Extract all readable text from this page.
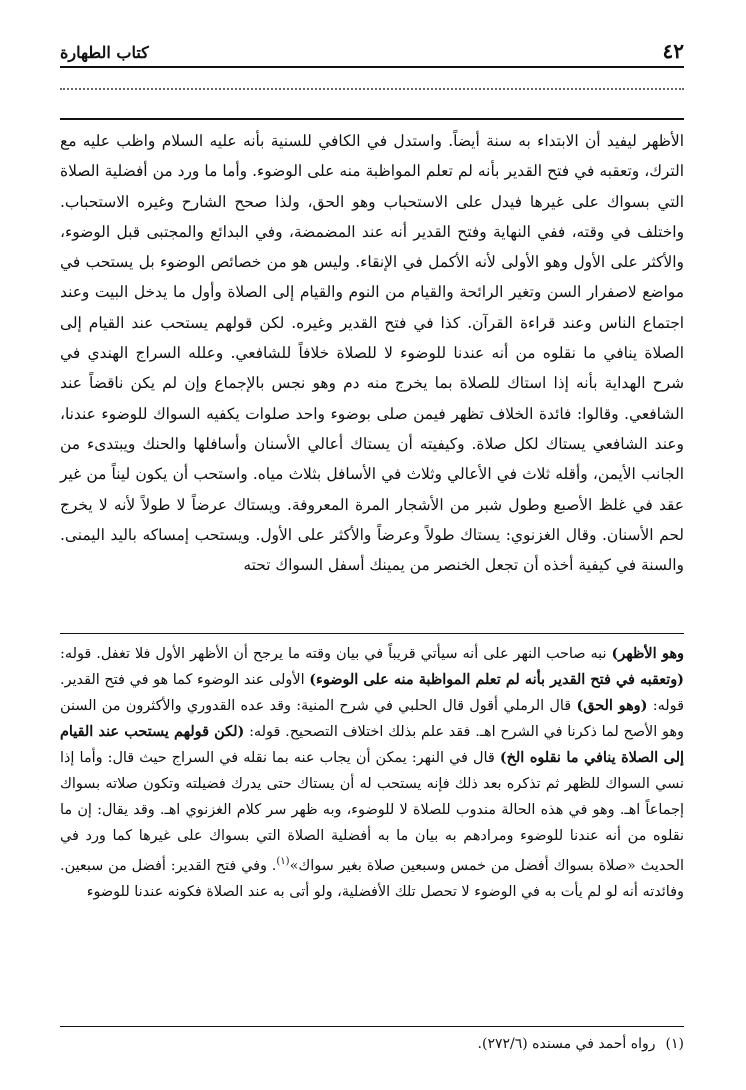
٤٢
كتاب الطهارة

الأظهر ليفيد أن الابتداء به سنة أيضاً. واستدل في الكافي للسنية بأنه عليه السلام واظب عليه مع الترك، وتعقبه في فتح القدير بأنه لم تعلم المواظبة منه على الوضوء. وأما ما ورد من أفضلية الصلاة التي بسواك على غيرها فيدل على الاستحباب وهو الحق، ولذا صحح الشارح وغيره الاستحباب. واختلف في وقته، ففي النهاية وفتح القدير أنه عند المضمضة، وفي البدائع والمجتبى قبل الوضوء، والأكثر على الأول وهو الأولى لأنه الأكمل في الإنقاء. وليس هو من خصائص الوضوء بل يستحب في مواضع لاصفرار السن وتغير الرائحة والقيام من النوم والقيام إلى الصلاة وأول ما يدخل البيت وعند اجتماع الناس وعند قراءة القرآن. كذا في فتح القدير وغيره. لكن قولهم يستحب عند القيام إلى الصلاة ينافي ما نقلوه من أنه عندنا للوضوء لا للصلاة خلافاً للشافعي. وعلله السراج الهندي في شرح الهداية بأنه إذا استاك للصلاة بما يخرج منه دم وهو نجس بالإجماع وإن لم يكن ناقضاً عند الشافعي. وقالوا: فائدة الخلاف تظهر فيمن صلى بوضوء واحد صلوات يكفيه السواك للوضوء عندنا، وعند الشافعي يستاك لكل صلاة. وكيفيته أن يستاك أعالي الأسنان وأسافلها والحنك ويبتدىء من الجانب الأيمن، وأقله ثلاث في الأعالي وثلاث في الأسافل بثلاث مياه. واستحب أن يكون ليناً من غير عقد في غلظ الأصبع وطول شبر من الأشجار المرة المعروفة. ويستاك عرضاً لا طولاً لأنه لا يخرج لحم الأسنان. وقال الغزنوي: يستاك طولاً وعرضاً والأكثر على الأول. ويستحب إمساكه باليد اليمنى. والسنة في كيفية أخذه أن تجعل الخنصر من يمينك أسفل السواك تحته

وهو الأظهر) نبه صاحب النهر على أنه سيأتي قريباً في بيان وقته ما يرجح أن الأظهر الأول فلا تغفل. قوله: (وتعقبه في فتح القدير بأنه لم تعلم المواظبة منه على الوضوء) الأولى عند الوضوء كما هو في فتح القدير. قوله: (وهو الحق) قال الرملي أقول قال الحلبي في شرح المنية: وقد عده القدوري والأكثرون من السنن وهو الأصح لما ذكرنا في الشرح اهـ. فقد علم بذلك اختلاف التصحيح. قوله: (لكن قولهم يستحب عند القيام إلى الصلاة ينافي ما نقلوه الخ) قال في النهر: يمكن أن يجاب عنه بما نقله في السراج حيث قال: وأما إذا نسي السواك للظهر ثم تذكره بعد ذلك فإنه يستحب له أن يستاك حتى يدرك فضيلته وتكون صلاته بسواك إجماعاً اهـ. وهو في هذه الحالة مندوب للصلاة لا للوضوء، وبه ظهر سر كلام الغزنوي اهـ. وقد يقال: إن ما نقلوه من أنه عندنا للوضوء ومرادهم به بيان ما به أفضلية الصلاة التي بسواك على غيرها كما ورد في الحديث «صلاة بسواك أفضل من خمس وسبعين صلاة بغير سواك»$^{(١)}$. وفي فتح القدير: أفضل من سبعين. وفائدته أنه لو لم يأت به في الوضوء لا تحصل تلك الأفضلية، ولو أتى به عند الصلاة فكونه عندنا للوضوء

(١)رواه أحمد في مسنده (٢٧٢/٦).
